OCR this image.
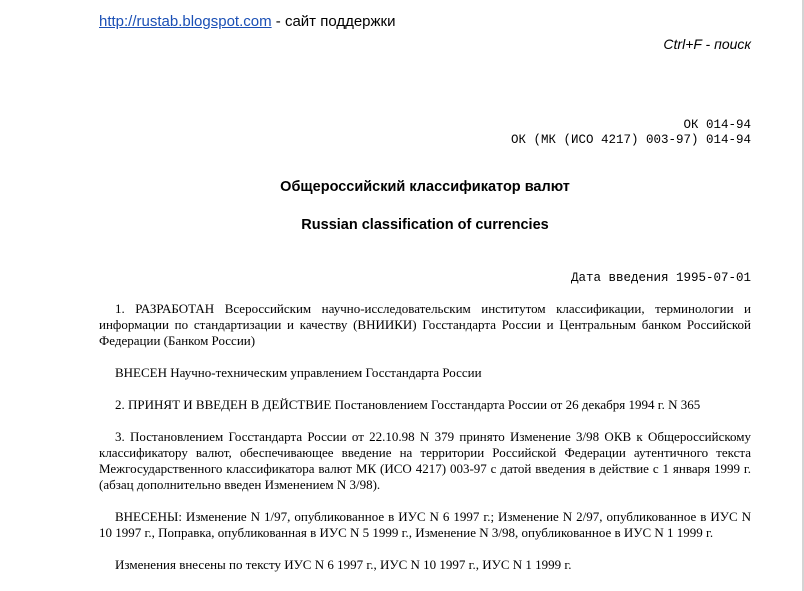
http://rustab.blogspot.com - сайт поддержки
Ctrl+F - поиск
ОК 014-94
ОК (МК (ИСО 4217) 003-97) 014-94
Общероссийский классификатор валют
Russian classification of currencies
Дата введения 1995-07-01
1. РАЗРАБОТАН Всероссийским научно-исследовательским институтом классификации, терминологии и информации по стандартизации и качеству (ВНИИКИ) Госстандарта России и Центральным банком Российской Федерации (Банком России)
ВНЕСЕН Научно-техническим управлением Госстандарта России
2. ПРИНЯТ И ВВЕДЕН В ДЕЙСТВИЕ Постановлением Госстандарта России от 26 декабря 1994 г. N 365
3. Постановлением Госстандарта России от 22.10.98 N 379 принято Изменение 3/98 ОКВ к Общероссийскому классификатору валют, обеспечивающее введение на территории Российской Федерации аутентичного текста Межгосударственного классификатора валют МК (ИСО 4217) 003-97 с датой введения в действие с 1 января 1999 г. (абзац дополнительно введен Изменением N 3/98).
ВНЕСЕНЫ: Изменение N 1/97, опубликованное в ИУС N 6 1997 г.; Изменение N 2/97, опубликованное в ИУС N 10 1997 г., Поправка, опубликованная в ИУС N 5 1999 г., Изменение N 3/98, опубликованное в ИУС N 1 1999 г.
Изменения внесены по тексту ИУС N 6 1997 г., ИУС N 10 1997 г., ИУС N 1 1999 г.
